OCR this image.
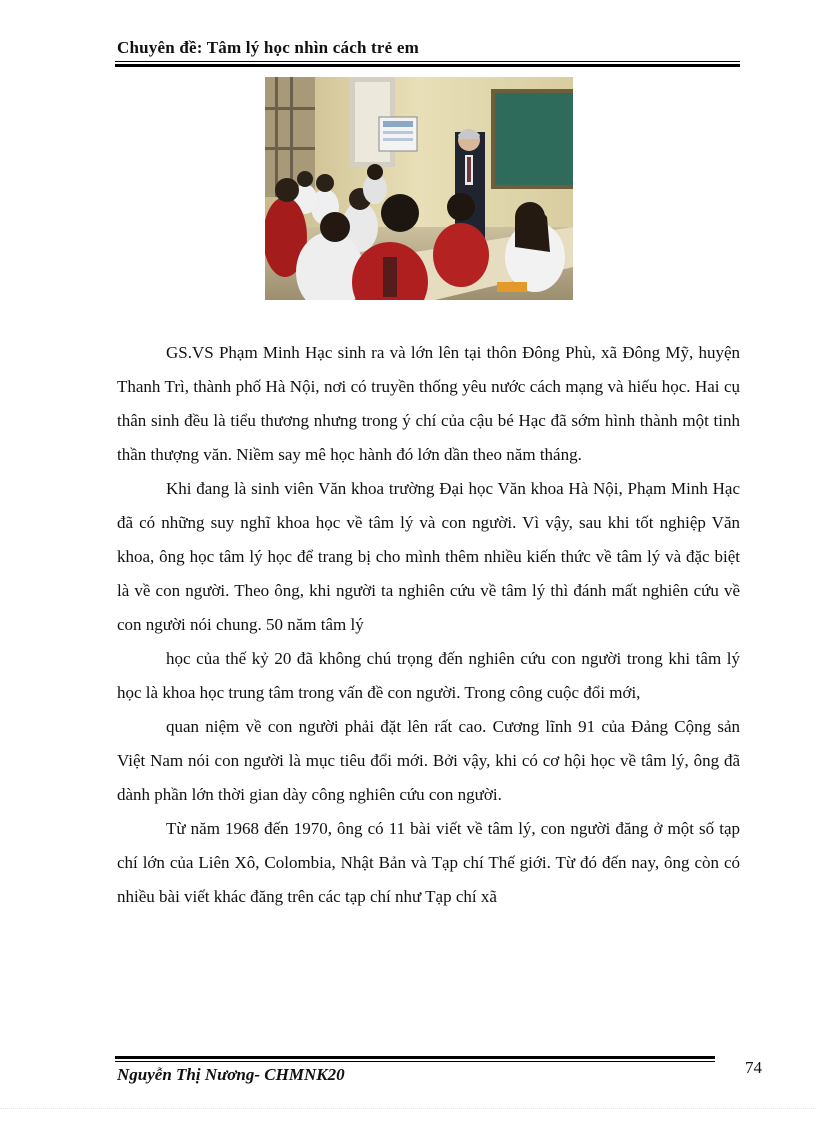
Chuyên đề: Tâm lý học nhìn cách trẻ em

GS.VS Phạm Minh Hạc sinh ra và lớn lên tại thôn Đông Phù, xã Đông Mỹ, huyện Thanh Trì, thành phố Hà Nội, nơi có truyền thống yêu nước cách mạng và hiếu học. Hai cụ thân sinh đều là tiểu thương nhưng trong ý chí của cậu bé Hạc đã sớm hình thành một tinh thần thượng văn. Niềm say mê học hành đó lớn dần theo năm tháng.

Khi đang là sinh viên Văn khoa trường Đại học Văn khoa Hà Nội, Phạm Minh Hạc đã có những suy nghĩ khoa học về tâm lý và con người. Vì vậy, sau khi tốt nghiệp Văn khoa, ông học tâm lý học để trang bị cho mình thêm nhiều kiến thức về tâm lý và đặc biệt là về con người. Theo ông, khi người ta nghiên cứu về tâm lý thì đánh mất nghiên cứu về con người nói chung. 50 năm tâm lý

học của thế kỷ 20 đã không chú trọng đến nghiên cứu con người trong khi tâm lý học là khoa học trung tâm trong vấn đề con người. Trong công cuộc đổi mới,

quan niệm về con người phải đặt lên rất cao. Cương lĩnh 91 của Đảng Cộng sản Việt Nam nói con người là mục tiêu đổi mới. Bởi vậy, khi có cơ hội học về tâm lý, ông đã dành phần lớn thời gian dày công nghiên cứu con người.

Từ năm 1968 đến 1970, ông có 11 bài viết về tâm lý, con người đăng ở một số tạp chí lớn của Liên Xô, Colombia, Nhật Bản và Tạp chí Thế giới. Từ đó đến nay, ông còn có nhiều bài viết khác đăng trên các tạp chí như Tạp chí xã

Nguyễn Thị Nương- CHMNK20	74
